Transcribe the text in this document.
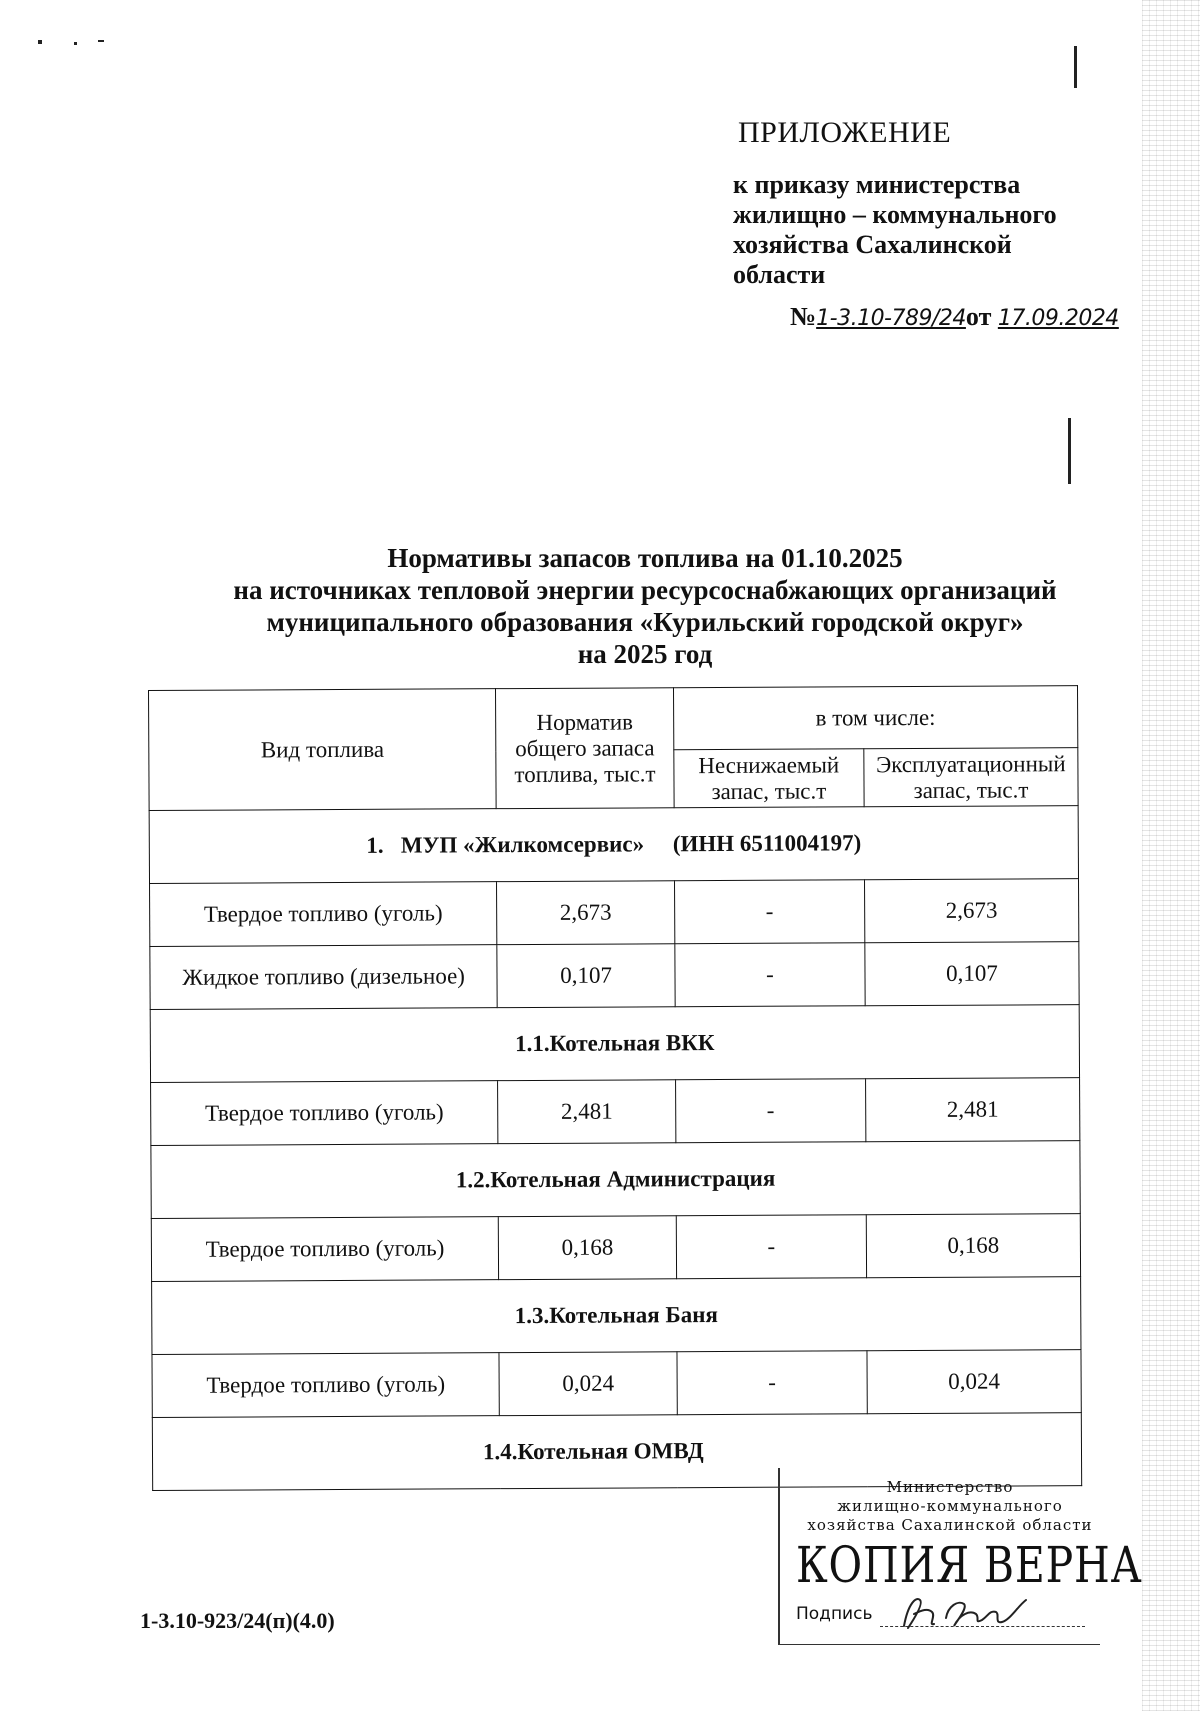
ПРИЛОЖЕНИЕ
к приказу министерства
жилищно – коммунального
хозяйства Сахалинской
области
№1-3.10-789/24от 17.09.2024
Нормативы запасов топлива на 01.10.2025
на источниках тепловой энергии ресурсоснабжающих организаций
муниципального образования «Курильский городской округ»
на 2025 год
Вид топлива	Норматив общего запаса топлива, тыс.т	в том числе:	
		Неснижаемый запас, тыс.т	Эксплуатационный запас, тыс.т
1.   МУП «Жилкомсервис»     (ИНН 6511004197)			
Твердое топливо (уголь)	2,673	-	2,673
Жидкое топливо (дизельное)	0,107	-	0,107
1.1.Котельная ВКК			
Твердое топливо (уголь)	2,481	-	2,481
1.2.Котельная Администрация			
Твердое топливо (уголь)	0,168	-	0,168
1.3.Котельная Баня			
Твердое топливо (уголь)	0,024	-	0,024
1.4.Котельная ОМВД			
1-3.10-923/24(п)(4.0)
Министерство
жилищно-коммунального
хозяйства Сахалинской области
КОПИЯ ВЕРНА
Подпись
